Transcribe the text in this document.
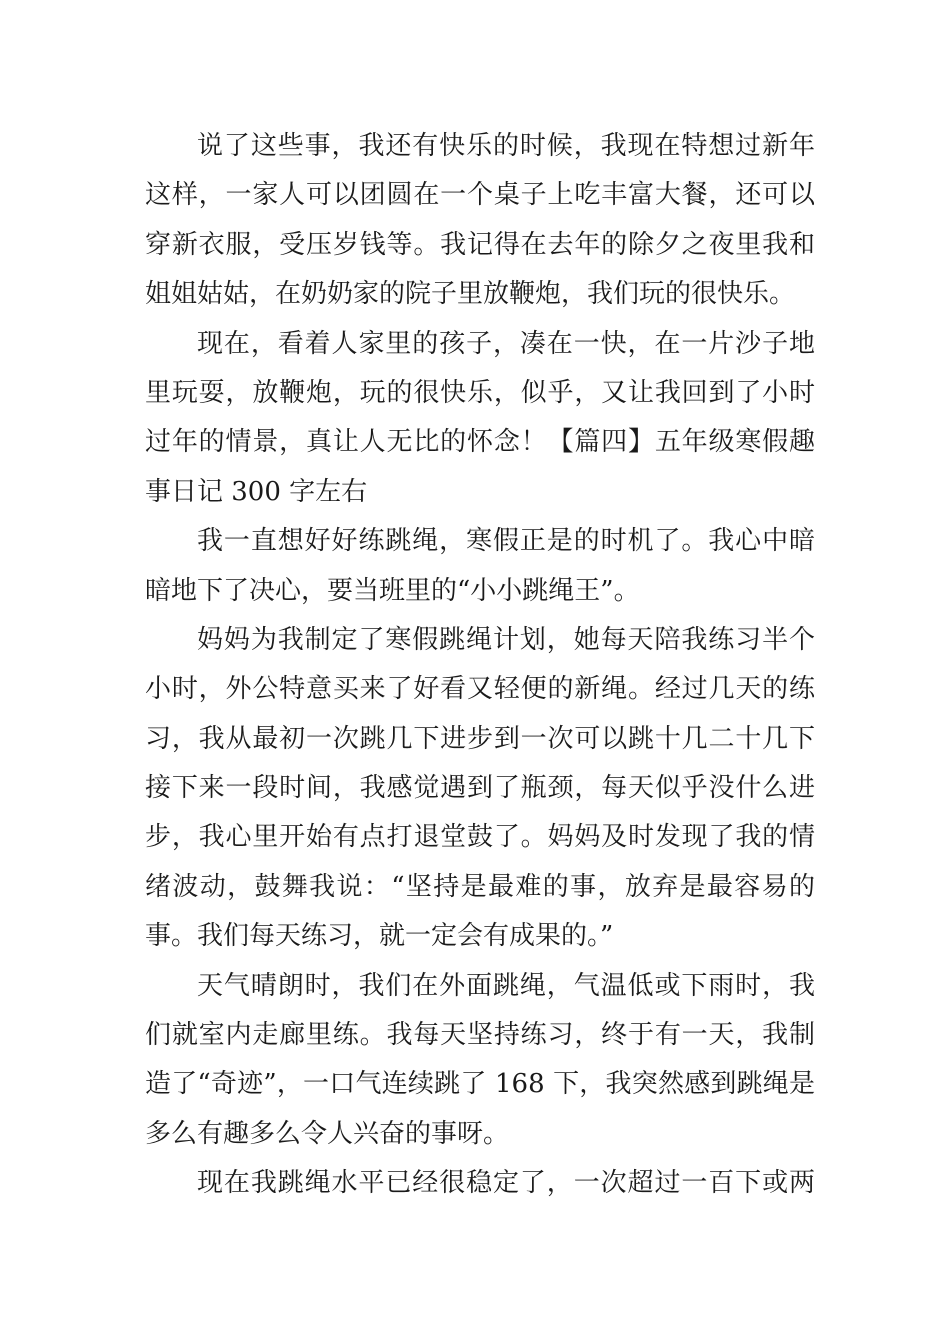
说了这些事，我还有快乐的时候，我现在特想过新年
这样，一家人可以团圆在一个桌子上吃丰富大餐，还可以
穿新衣服，受压岁钱等。我记得在去年的除夕之夜里我和
姐姐姑姑，在奶奶家的院子里放鞭炮，我们玩的很快乐。
现在，看着人家里的孩子，凑在一快，在一片沙子地
里玩耍，放鞭炮，玩的很快乐，似乎，又让我回到了小时
过年的情景，真让人无比的怀念！【篇四】五年级寒假趣
事日记 300 字左右
我一直想好好练跳绳，寒假正是的时机了。我心中暗
暗地下了决心，要当班里的“小小跳绳王”。
妈妈为我制定了寒假跳绳计划，她每天陪我练习半个
小时，外公特意买来了好看又轻便的新绳。经过几天的练
习，我从最初一次跳几下进步到一次可以跳十几二十几下
接下来一段时间，我感觉遇到了瓶颈，每天似乎没什么进
步，我心里开始有点打退堂鼓了。妈妈及时发现了我的情
绪波动，鼓舞我说：“坚持是最难的事，放弃是最容易的
事。我们每天练习，就一定会有成果的。”
天气晴朗时，我们在外面跳绳，气温低或下雨时，我
们就室内走廊里练。我每天坚持练习，终于有一天，我制
造了“奇迹”，一口气连续跳了 168 下，我突然感到跳绳是
多么有趣多么令人兴奋的事呀。
现在我跳绳水平已经很稳定了，一次超过一百下或两
